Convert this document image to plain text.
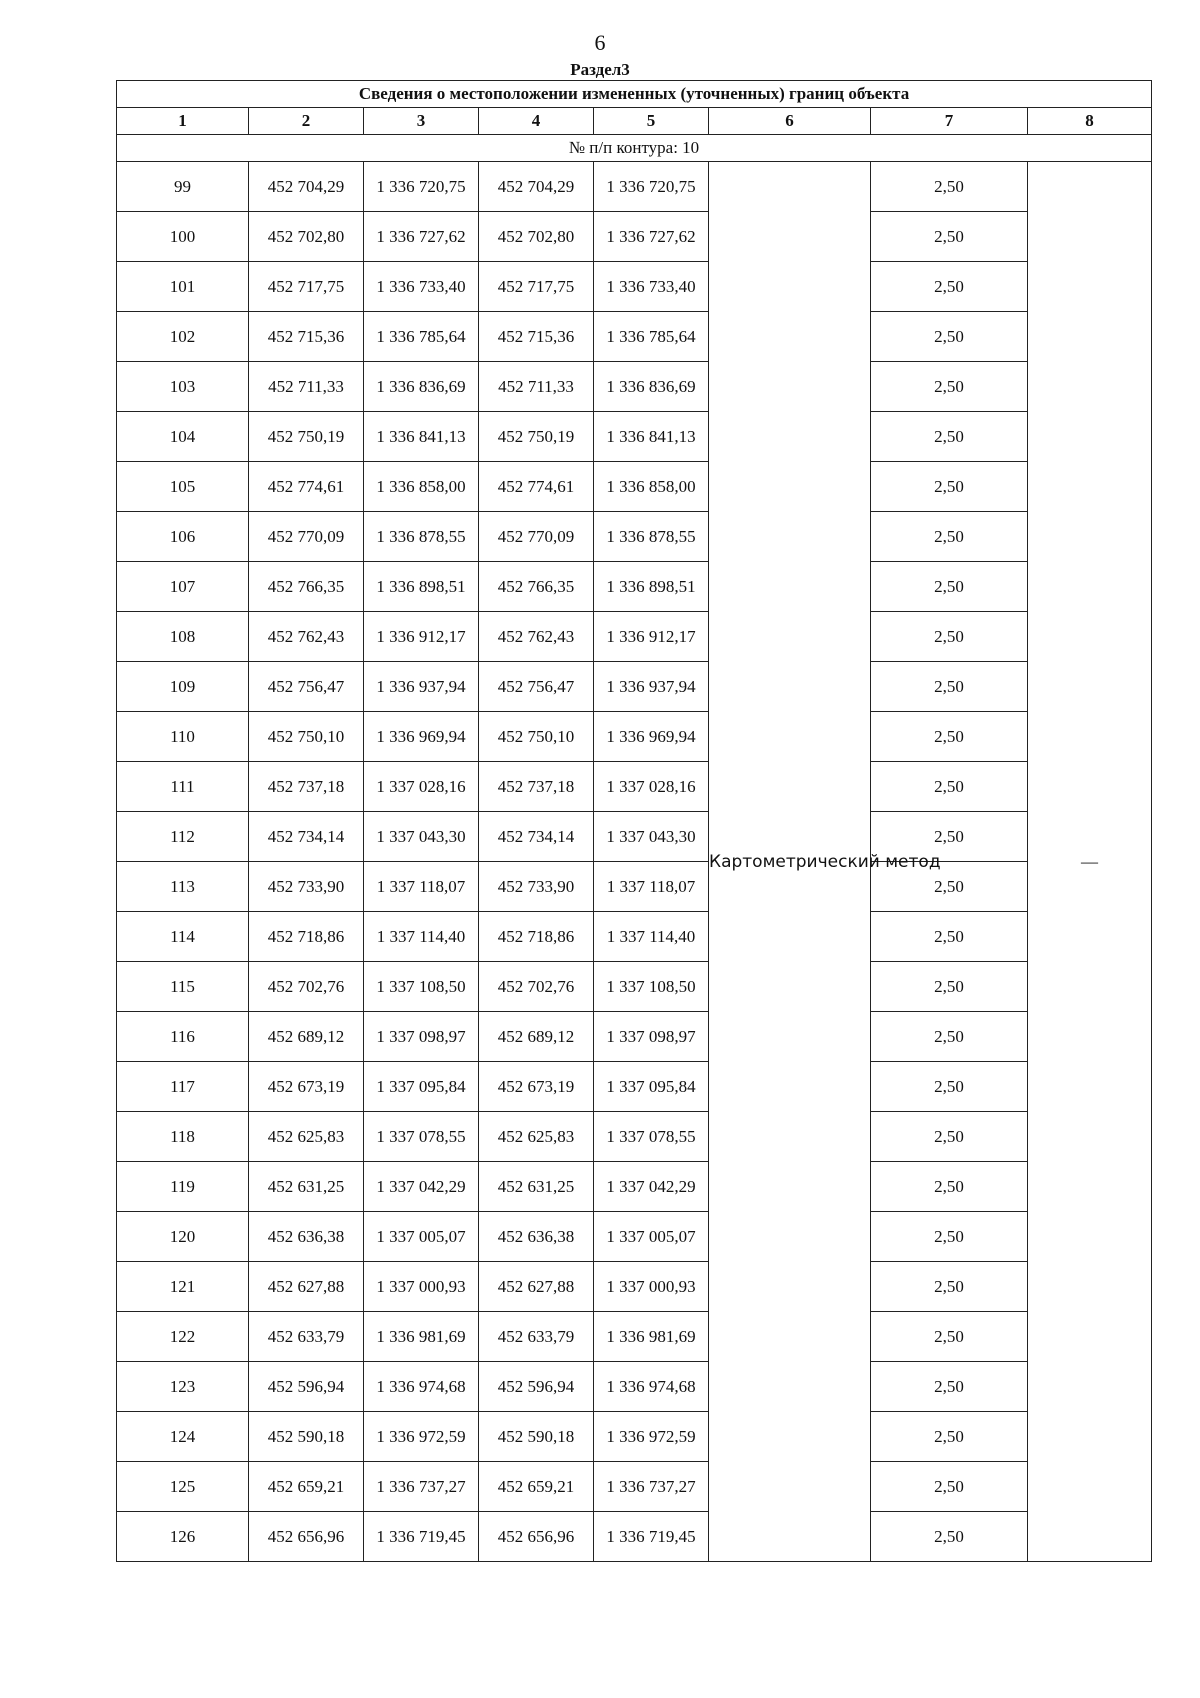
6
Раздел3
Сведения о местоположении измененных (уточненных) границ объекта							
1	2	3	4	5	6	7	8
№ п/п контура: 10							
99	452 704,29	1 336 720,75	452 704,29	1 336 720,75	Картометрический метод	2,50	—
100	452 702,80	1 336 727,62	452 702,80	1 336 727,62		2,50	
101	452 717,75	1 336 733,40	452 717,75	1 336 733,40		2,50	
102	452 715,36	1 336 785,64	452 715,36	1 336 785,64		2,50	
103	452 711,33	1 336 836,69	452 711,33	1 336 836,69		2,50	
104	452 750,19	1 336 841,13	452 750,19	1 336 841,13		2,50	
105	452 774,61	1 336 858,00	452 774,61	1 336 858,00		2,50	
106	452 770,09	1 336 878,55	452 770,09	1 336 878,55		2,50	
107	452 766,35	1 336 898,51	452 766,35	1 336 898,51		2,50	
108	452 762,43	1 336 912,17	452 762,43	1 336 912,17		2,50	
109	452 756,47	1 336 937,94	452 756,47	1 336 937,94		2,50	
110	452 750,10	1 336 969,94	452 750,10	1 336 969,94		2,50	
111	452 737,18	1 337 028,16	452 737,18	1 337 028,16		2,50	
112	452 734,14	1 337 043,30	452 734,14	1 337 043,30		2,50	
113	452 733,90	1 337 118,07	452 733,90	1 337 118,07		2,50	
114	452 718,86	1 337 114,40	452 718,86	1 337 114,40		2,50	
115	452 702,76	1 337 108,50	452 702,76	1 337 108,50		2,50	
116	452 689,12	1 337 098,97	452 689,12	1 337 098,97		2,50	
117	452 673,19	1 337 095,84	452 673,19	1 337 095,84		2,50	
118	452 625,83	1 337 078,55	452 625,83	1 337 078,55		2,50	
119	452 631,25	1 337 042,29	452 631,25	1 337 042,29		2,50	
120	452 636,38	1 337 005,07	452 636,38	1 337 005,07		2,50	
121	452 627,88	1 337 000,93	452 627,88	1 337 000,93		2,50	
122	452 633,79	1 336 981,69	452 633,79	1 336 981,69		2,50	
123	452 596,94	1 336 974,68	452 596,94	1 336 974,68		2,50	
124	452 590,18	1 336 972,59	452 590,18	1 336 972,59		2,50	
125	452 659,21	1 336 737,27	452 659,21	1 336 737,27		2,50	
126	452 656,96	1 336 719,45	452 656,96	1 336 719,45		2,50	
